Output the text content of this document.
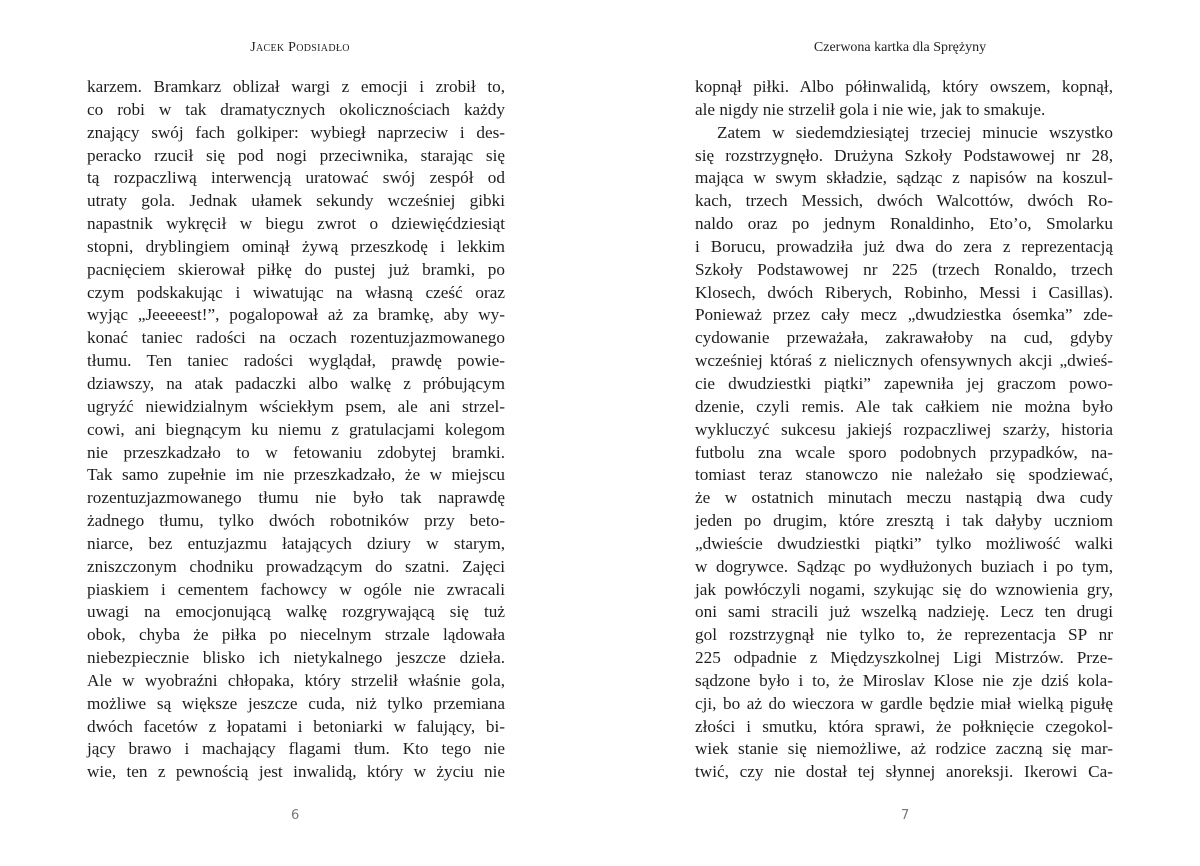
Jacek Podsiadło
karzem. Bramkarz oblizał wargi z emocji i zrobił to,
co robi w tak dramatycznych okolicznościach każdy
znający swój fach golkiper: wybiegł naprzeciw i des-
peracko rzucił się pod nogi przeciwnika, starając się
tą rozpaczliwą interwencją uratować swój zespół od
utraty gola. Jednak ułamek sekundy wcześniej gibki
napastnik wykręcił w biegu zwrot o dziewięćdziesiąt
stopni, dryblingiem ominął żywą przeszkodę i lekkim
pacnięciem skierował piłkę do pustej już bramki, po
czym podskakując i wiwatując na własną cześć oraz
wyjąc „Jeeeeest!”, pogalopował aż za bramkę, aby wy-
konać taniec radości na oczach rozentuzjazmowanego
tłumu. Ten taniec radości wyglądał, prawdę powie-
dziawszy, na atak padaczki albo walkę z próbującym
ugryźć niewidzialnym wściekłym psem, ale ani strzel-
cowi, ani biegnącym ku niemu z gratulacjami kolegom
nie przeszkadzało to w fetowaniu zdobytej bramki.
Tak samo zupełnie im nie przeszkadzało, że w miejscu
rozentuzjazmowanego tłumu nie było tak naprawdę
żadnego tłumu, tylko dwóch robotników przy beto-
niarce, bez entuzjazmu łatających dziury w starym,
zniszczonym chodniku prowadzącym do szatni. Zajęci
piaskiem i cementem fachowcy w ogóle nie zwracali
uwagi na emocjonującą walkę rozgrywającą się tuż
obok, chyba że piłka po niecelnym strzale lądowała
niebezpiecznie blisko ich nietykalnego jeszcze dzieła.
Ale w wyobraźni chłopaka, który strzelił właśnie gola,
możliwe są większe jeszcze cuda, niż tylko przemiana
dwóch facetów z łopatami i betoniarki w falujący, bi-
jący brawo i machający flagami tłum. Kto tego nie
wie, ten z pewnością jest inwalidą, który w życiu nie
6
Czerwona kartka dla Sprężyny
kopnął piłki. Albo półinwalidą, który owszem, kopnął,
ale nigdy nie strzelił gola i nie wie, jak to smakuje.
Zatem w siedemdziesiątej trzeciej minucie wszystko
się rozstrzygnęło. Drużyna Szkoły Podstawowej nr 28,
mająca w swym składzie, sądząc z napisów na koszul-
kach, trzech Messich, dwóch Walcottów, dwóch Ro-
naldo oraz po jednym Ronaldinho, Eto’o, Smolarku
i Borucu, prowadziła już dwa do zera z reprezentacją
Szkoły Podstawowej nr 225 (trzech Ronaldo, trzech
Klosech, dwóch Riberych, Robinho, Messi i Casillas).
Ponieważ przez cały mecz „dwudziestka ósemka” zde-
cydowanie przeważała, zakrawałoby na cud, gdyby
wcześniej któraś z nielicznych ofensywnych akcji „dwieś-
cie dwudziestki piątki” zapewniła jej graczom powo-
dzenie, czyli remis. Ale tak całkiem nie można było
wykluczyć sukcesu jakiejś rozpaczliwej szarży, historia
futbolu zna wcale sporo podobnych przypadków, na-
tomiast teraz stanowczo nie należało się spodziewać,
że w ostatnich minutach meczu nastąpią dwa cudy
jeden po drugim, które zresztą i tak dałyby uczniom
„dwieście dwudziestki piątki” tylko możliwość walki
w dogrywce. Sądząc po wydłużonych buziach i po tym,
jak powłóczyli nogami, szykując się do wznowienia gry,
oni sami stracili już wszelką nadzieję. Lecz ten drugi
gol rozstrzygnął nie tylko to, że reprezentacja SP nr
225 odpadnie z Międzyszkolnej Ligi Mistrzów. Prze-
sądzone było i to, że Miroslav Klose nie zje dziś kola-
cji, bo aż do wieczora w gardle będzie miał wielką pigułę
złości i smutku, która sprawi, że połknięcie czegokol-
wiek stanie się niemożliwe, aż rodzice zaczną się mar-
twić, czy nie dostał tej słynnej anoreksji. Ikerowi Ca-
7
